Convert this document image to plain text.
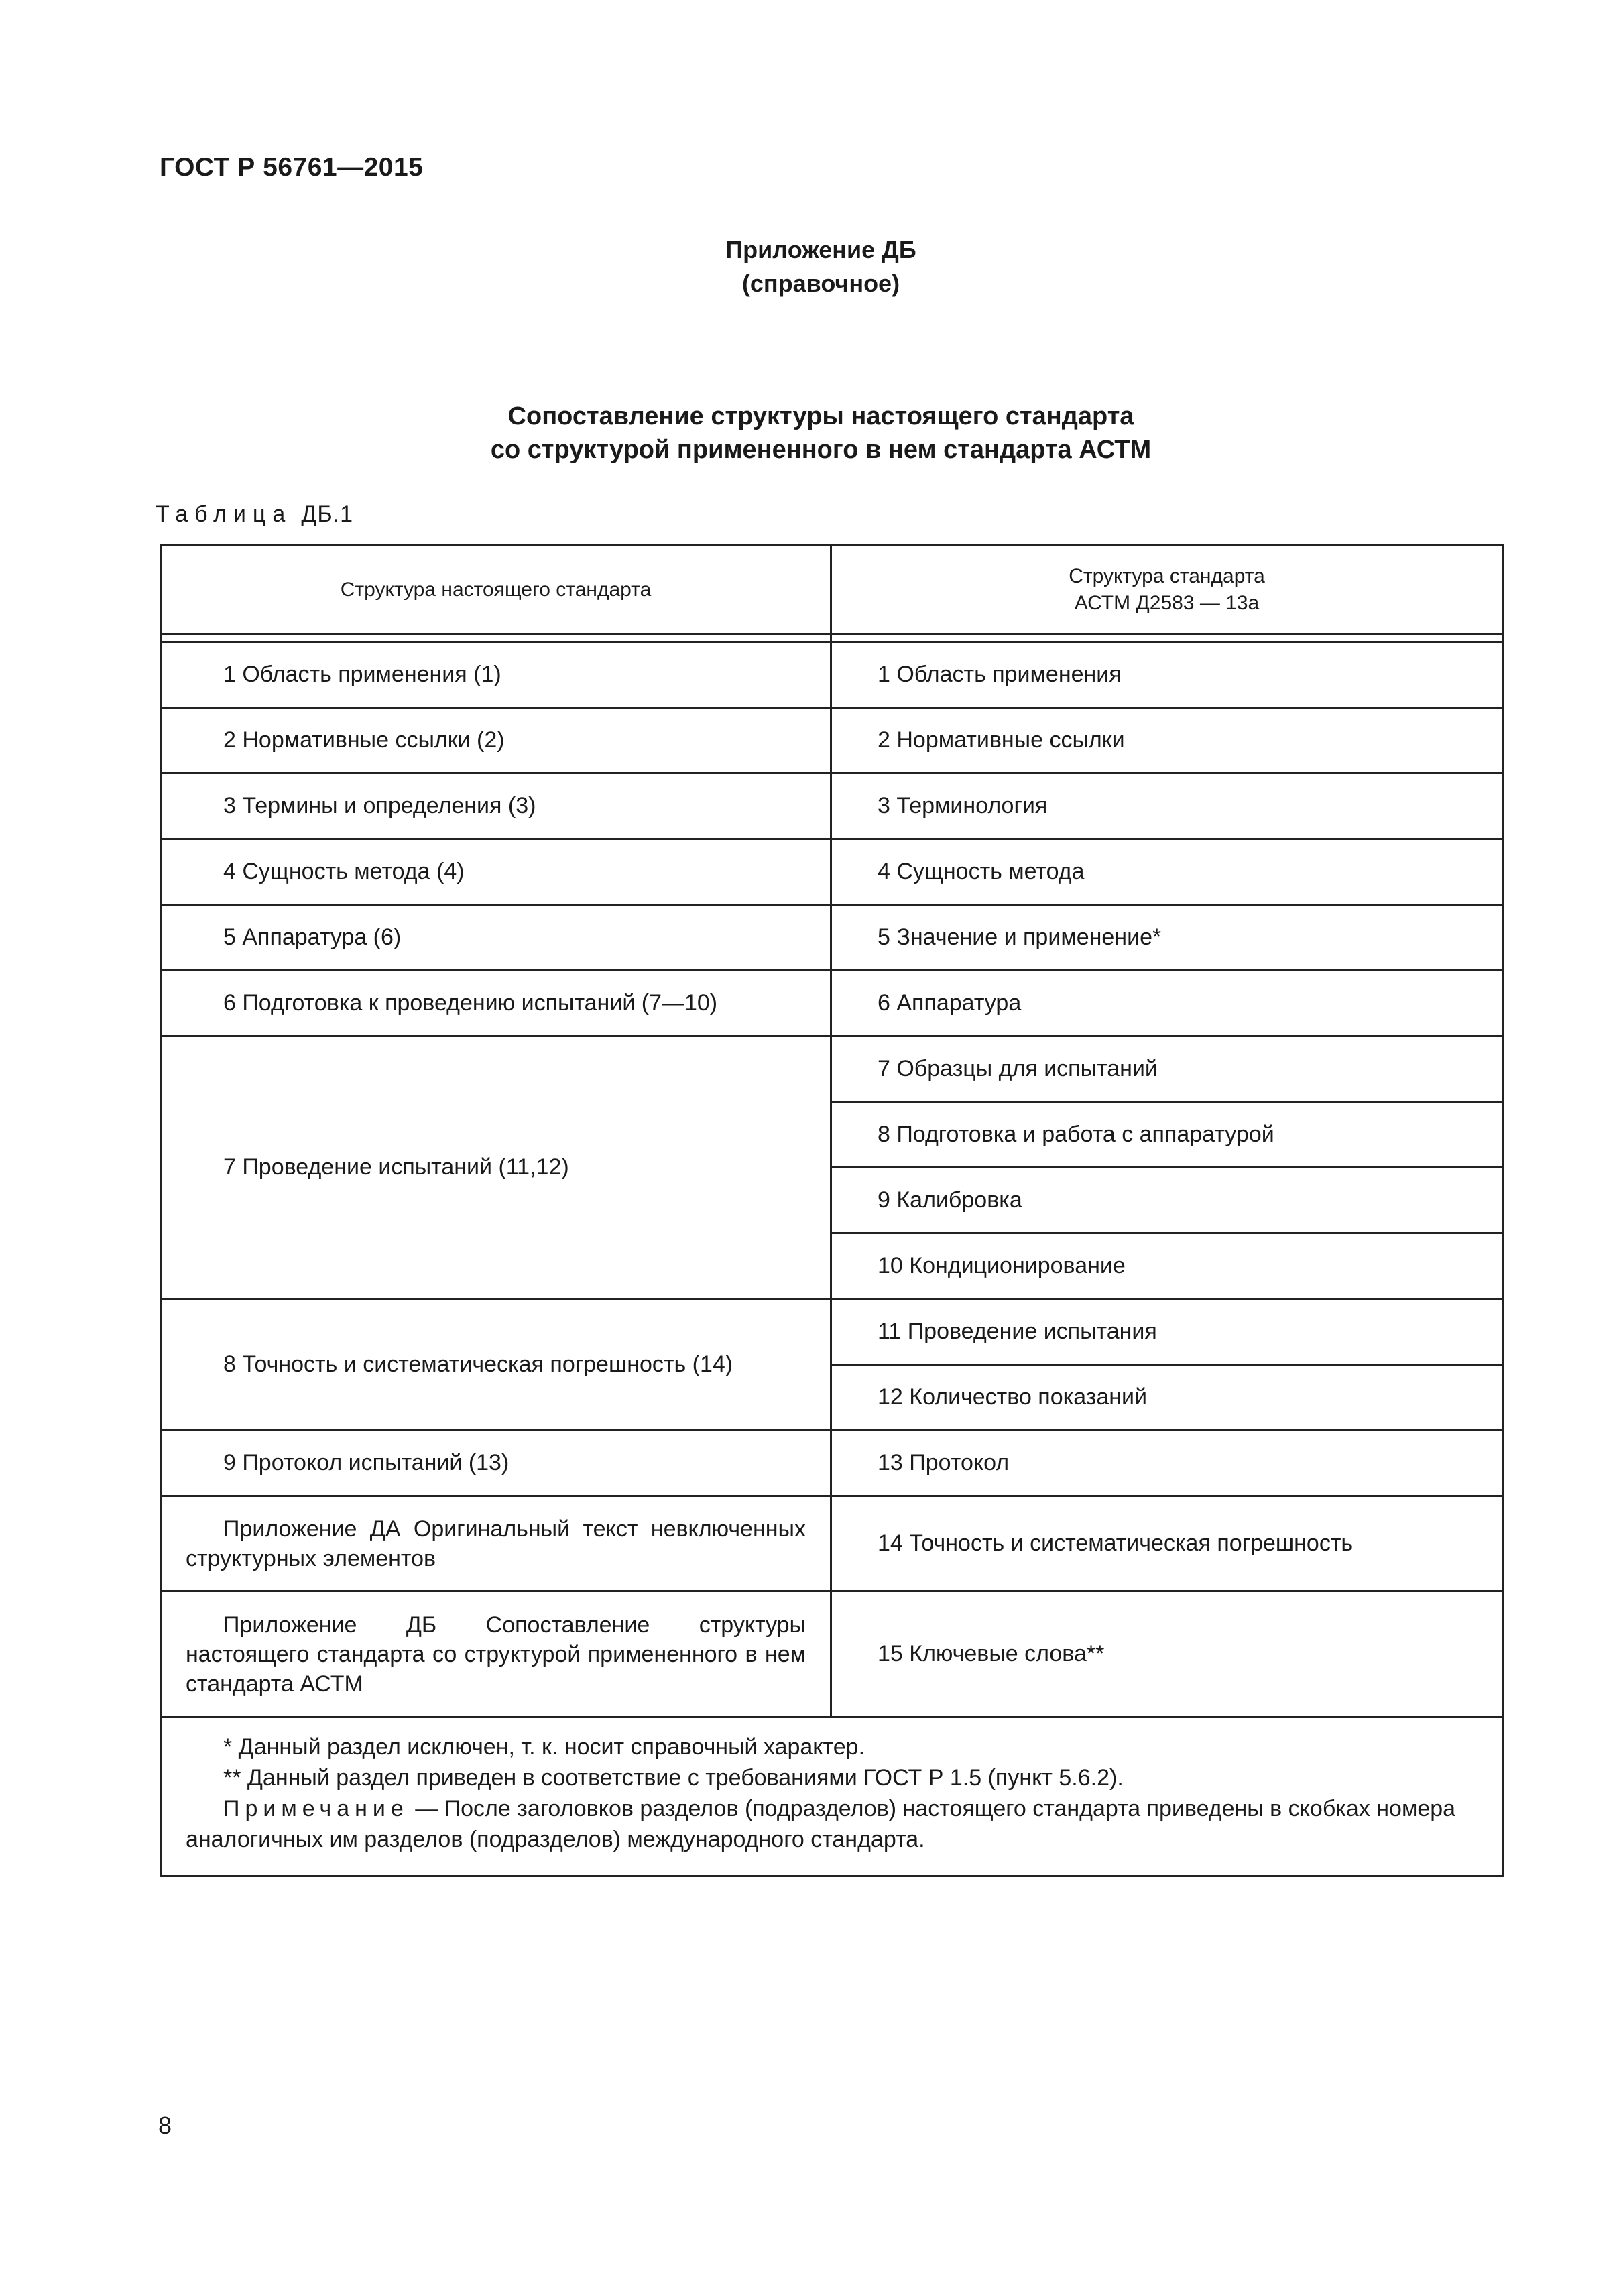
ГОСТ Р 56761—2015
Приложение ДБ
(справочное)
Сопоставление структуры настоящего стандарта
со структурой примененного в нем стандарта АСТМ
Таблица ДБ.1
Структура настоящего стандарта	Структура стандарта
АСТМ Д2583 — 13а

1 Область применения (1)	1 Область применения
2 Нормативные ссылки (2)	2 Нормативные ссылки
3 Термины и определения (3)	3 Терминология
4 Сущность метода (4)	4 Сущность метода
5 Аппаратура (6)	5 Значение и применение*
6 Подготовка к проведению испытаний (7—10)	6 Аппаратура
7 Проведение испытаний (11,12)	7 Образцы для испытаний
	8 Подготовка и работа с аппаратурой
	9 Калибровка
	10 Кондиционирование
8 Точность и систематическая погрешность (14)	11 Проведение испытания
	12 Количество показаний
9 Протокол испытаний (13)	13 Протокол
Приложение ДА Оригинальный текст невключенных структурных элементов	14 Точность и систематическая погрешность
Приложение ДБ Сопоставление структуры настоящего стандарта со структурой примененного в нем стандарта АСТМ	15 Ключевые слова**

* Данный раздел исключен, т. к. носит справочный характер.

** Данный раздел приведен в соответствие с требованиями ГОСТ Р 1.5 (пункт 5.6.2).

Примечание — После заголовков разделов (подразделов) настоящего стандарта приведены в скобках номера аналогичных им разделов (подразделов) международного стандарта.	

8
